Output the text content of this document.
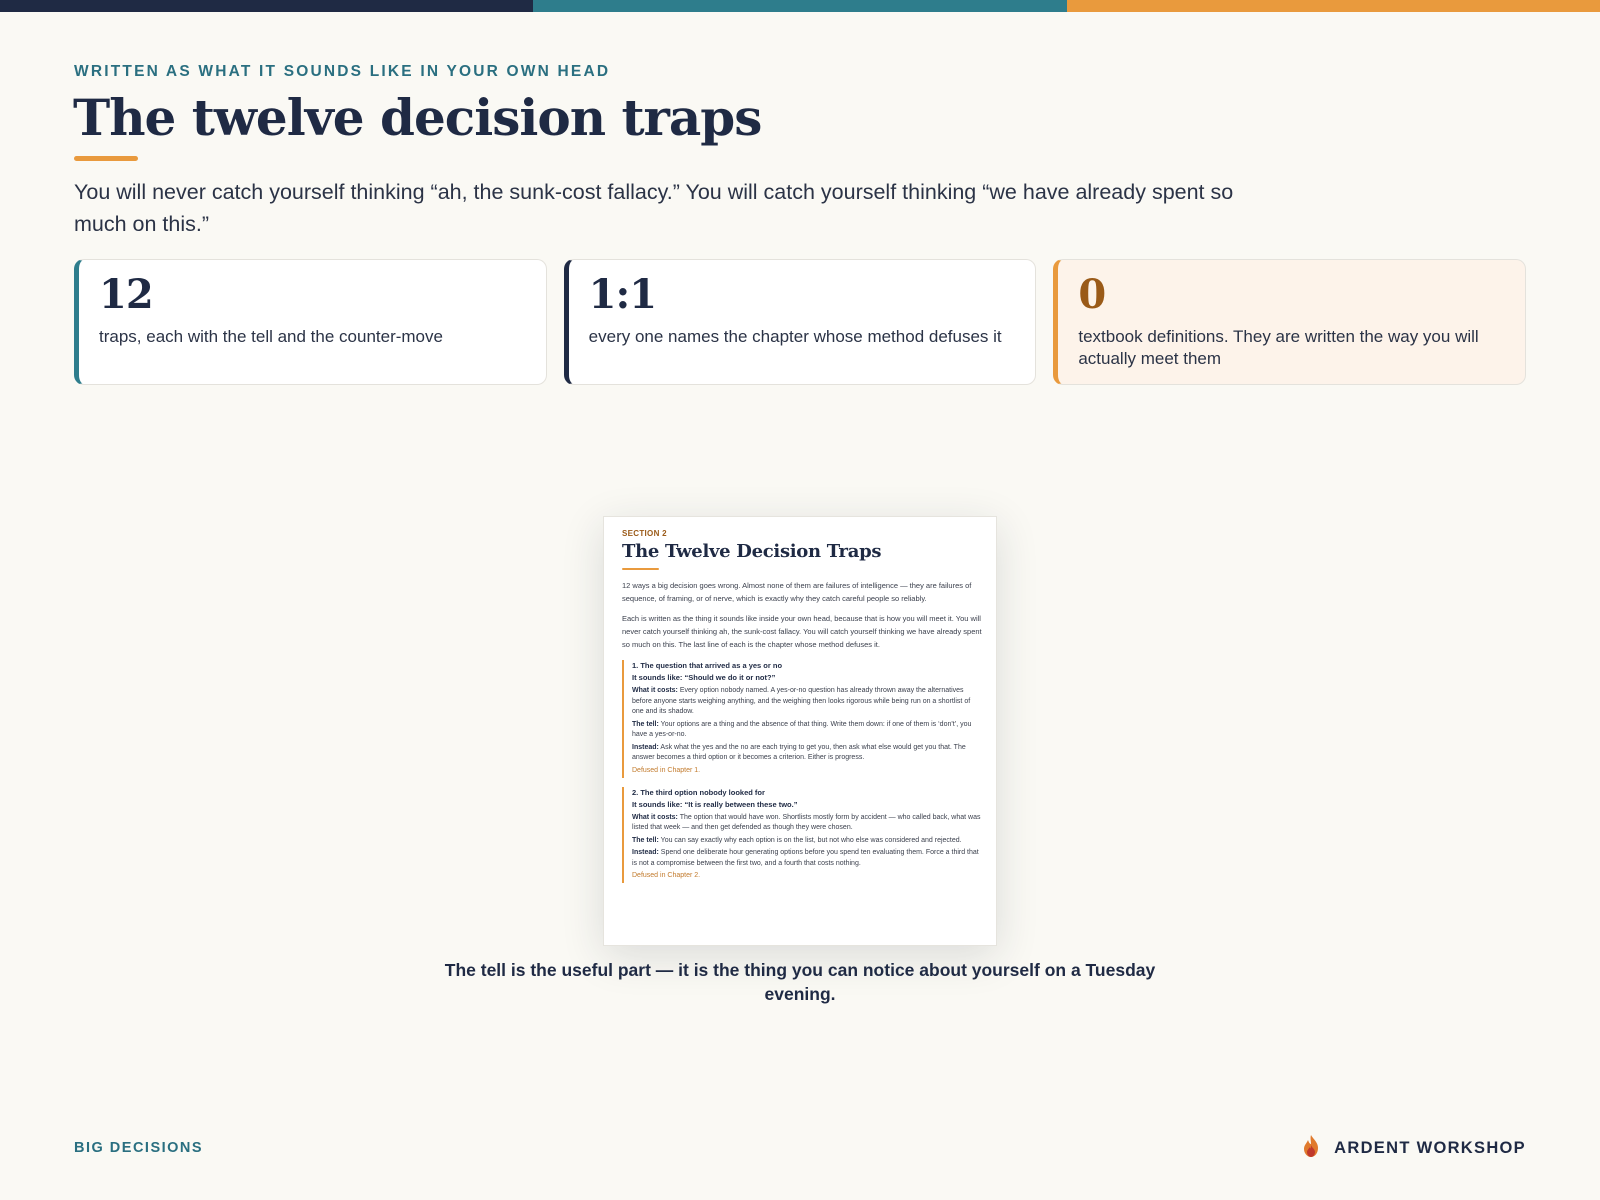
WRITTEN AS WHAT IT SOUNDS LIKE IN YOUR OWN HEAD
The twelve decision traps

You will never catch yourself thinking “ah, the sunk-cost fallacy.” You will catch yourself thinking “we have already spent so much on this.”

12
traps, each with the tell and the counter-move
1:1
every one names the chapter whose method defuses it
0
textbook definitions. They are written the way you will actually meet them
SECTION 2
The Twelve Decision Traps

12 ways a big decision goes wrong. Almost none of them are failures of intelligence — they are failures of sequence, of framing, or of nerve, which is exactly why they catch careful people so reliably.

Each is written as the thing it sounds like inside your own head, because that is how you will meet it. You will never catch yourself thinking ah, the sunk-cost fallacy. You will catch yourself thinking we have already spent so much on this. The last line of each is the chapter whose method defuses it.

1. The question that arrived as a yes or no
It sounds like: “Should we do it or not?”
What it costs: Every option nobody named. A yes-or-no question has already thrown away the alternatives before anyone starts weighing anything, and the weighing then looks rigorous while being run on a shortlist of one and its shadow.
The tell: Your options are a thing and the absence of that thing. Write them down: if one of them is ‘don't’, you have a yes-or-no.
Instead: Ask what the yes and the no are each trying to get you, then ask what else would get you that. The answer becomes a third option or it becomes a criterion. Either is progress.
Defused in Chapter 1.
2. The third option nobody looked for
It sounds like: “It is really between these two.”
What it costs: The option that would have won. Shortlists mostly form by accident — who called back, what was listed that week — and then get defended as though they were chosen.
The tell: You can say exactly why each option is on the list, but not who else was considered and rejected.
Instead: Spend one deliberate hour generating options before you spend ten evaluating them. Force a third that is not a compromise between the first two, and a fourth that costs nothing.
Defused in Chapter 2.

The tell is the useful part — it is the thing you can notice about yourself on a Tuesday evening.

BIG DECISIONS	ARDENT WORKSHOP
